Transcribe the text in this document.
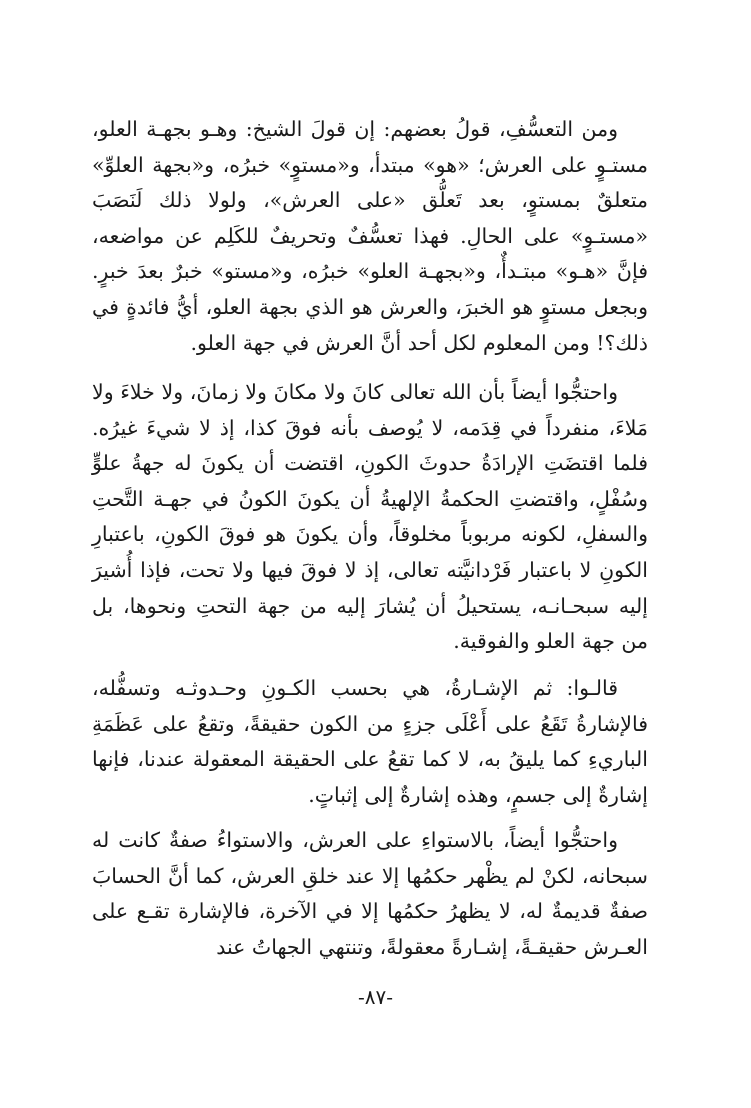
ومن التعسُّفِ، قولُ بعضهم: إن قولَ الشيخ: وهـو بجهـة العلو، مستـوٍ على العرش؛ «هو» مبتدأ، و«مستوٍ» خبرُه، و«بجهة العلوِّ» متعلقٌ بمستوٍ، بعد تَعلُّق «على العرش»، ولولا ذلك لَنَصَبَ «مستـوٍ» على الحالِ. فهذا تعسُّفٌ وتحريفٌ للكَلِم عن مواضعه، فإنَّ «هـو» مبتـدأٌ، و«بجهـة العلو» خبرُه، و«مستو» خبرٌ بعدَ خبرٍ. وبجعل مستوٍ هو الخبرَ، والعرش هو الذي بجهة العلو، أيُّ فائدةٍ في ذلك؟! ومن المعلوم لكل أحد أنَّ العرش في جهة العلو.

واحتجُّوا أيضاً بأن الله تعالى كانَ ولا مكانَ ولا زمانَ، ولا خلاءَ ولا مَلاءَ، منفرداً في قِدَمه، لا يُوصف بأنه فوقَ كذا، إذ لا شيءَ غيرُه. فلما اقتضَتِ الإرادَةُ حدوثَ الكونِ، اقتضت أن يكونَ له جهةُ علوٍّ وسُفْلٍ، واقتضتِ الحكمةُ الإلهيةُ أن يكونَ الكونُ في جهـة التَّحتِ والسفلِ، لكونه مربوباً مخلوقاً، وأن يكونَ هو فوقَ الكونِ، باعتبارِ الكونِ لا باعتبار فَرْدانيَّته تعالى، إذ لا فوقَ فيها ولا تحت، فإذا أُشيرَ إليه سبحـانـه، يستحيلُ أن يُشارَ إليه من جهة التحتِ ونحوها، بل من جهة العلو والفوقية.

قالـوا: ثم الإشـارةُ، هي بحسب الكـونِ وحـدوثـه وتسفُّله، فالإشارةُ تَقَعُ على أَعْلَى جزءٍ من الكون حقيقةً، وتقعُ على عَظَمَةِ الباريءِ كما يليقُ به، لا كما تقعُ على الحقيقة المعقولة عندنا، فإنها إشارةٌ إلى جسمٍ، وهذه إشارةٌ إلى إثباتٍ.

واحتجُّوا أيضاً، بالاستواءِ على العرش، والاستواءُ صفةٌ كانت له سبحانه، لكنْ لم يظْهر حكمُها إلا عند خلقِ العرش، كما أنَّ الحسابَ صفةٌ قديمةٌ له، لا يظهرُ حكمُها إلا في الآخرة، فالإشارة تقـع على العـرش حقيقـةً، إشـارةً معقولةً، وتنتهي الجهاتُ عند

-٨٧-
